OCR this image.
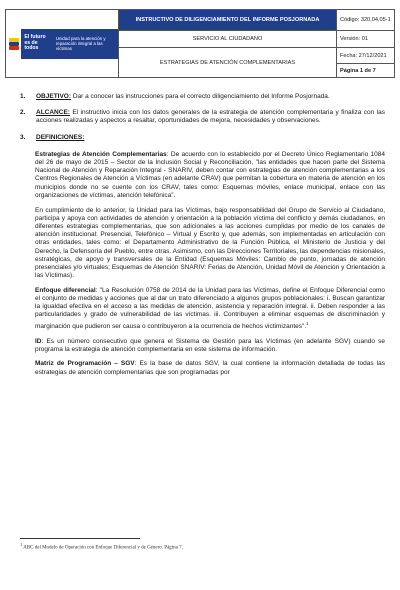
El futuro es de todos
Unidad para la atención y reparación integral a las víctimas	INSTRUCTIVO DE DILIGENCIAMIENTO DEL INFORME POSJORNADA	Código: 320,04,05-1
	SERVICIO AL CIUDADANO	Versión: 01
	ESTRATEGIAS DE ATENCIÓN COMPLEMENTARIAS	Fecha: 27/12/2021
		Página 1 de 7
1.	OBJETIVO: Dar a conocer las instrucciones para el correcto diligenciamiento del Informe Posjornada.
2.	ALCANCE: El instructivo inicia con los datos generales de la estrategia de atención complementaria y finaliza con las acciones realizadas y aspectos a resaltar, oportunidades de mejora, necesidades y observaciones.
3.	DEFINICIONES:

Estrategias de Atención Complementarias: De acuerdo con lo establecido por el Decreto Único Reglamentario 1084 del 26 de mayo de 2015 – Sector de la Inclusión Social y Reconciliación, "las entidades que hacen parte del Sistema Nacional de Atención y Reparación Integral - SNARIV, deben contar con estrategias de atención complementarias a los Centros Regionales de Atención a Víctimas (en adelante CRAV) que permitan la cobertura en materia de atención en los municipios donde no se cuente con los CRAV, tales como: Esquemas móviles, enlace municipal, enlace con las organizaciones de víctimas, atención telefónica".

En cumplimiento de lo anterior, la Unidad para las Víctimas, bajo responsabilidad del Grupo de Servicio al Ciudadano, participa y apoya con actividades de atención y orientación a la población víctima del conflicto y demás ciudadanos, en diferentes estrategias complementarias, que son adicionales a las acciones cumplidas por medio de los canales de atención institucional: Presencial, Telefónico – Virtual y Escrito y, que además, son implementadas en articulación con otras entidades, tales como: el Departamento Administrativo de la Función Pública, el Ministerio de Justicia y del Derecho, la Defensoría del Pueblo, entre otras. Asimismo, con las Direcciones Territoriales, las dependencias misionales, estratégicas, de apoyo y transversales de la Entidad (Esquemas Móviles: Cambio de punto, jornadas de atención presenciales y/o virtuales; Esquemas de Atención SNARIV: Ferias de Atención, Unidad Móvil de Atención y Orientación a las Víctimas).

Enfoque diferencial: "La Resolución 0758 de 2014 de la Unidad para las Víctimas, define el Enfoque Diferencial como el conjunto de medidas y acciones que al dar un trato diferenciado a algunos grupos poblacionales: i. Buscan garantizar la igualdad efectiva en el acceso a las medidas de atención, asistencia y reparación integral. ii. Deben responder a las particularidades y grado de vulnerabilidad de las víctimas. iii. Contribuyen a eliminar esquemas de discriminación y marginación que pudieron ser causa o contribuyeron a la ocurrencia de hechos victimizantes".$^1$

ID: Es un número consecutivo que genera el Sistema de Gestión para las Víctimas (en adelante SGV) cuando se programa la estrategia de atención complementaria en este sistema de información.

Matriz de Programación – SGV: Es la base de datos SGV, la cual contiene la información detallada de todas las estrategias de atención complementarias que son programadas por

$^1$ ABC del Modelo de Operación con Enfoque Diferencial y de Género. Página 7.
